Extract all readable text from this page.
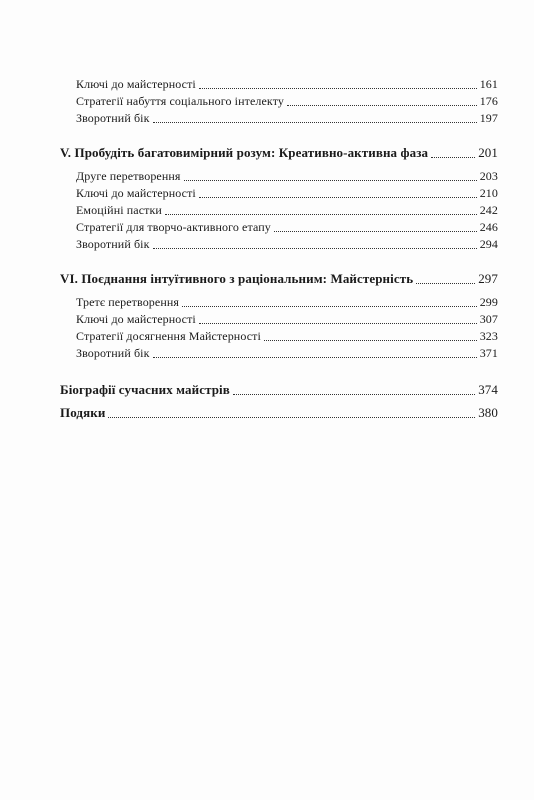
Ключі до майстерності	161
Стратегії набуття соціального інтелекту	176
Зворотний бік	197
V. Пробудіть багатовимірний розум: Креативно-активна фаза	201
Друге перетворення	203
Ключі до майстерності	210
Емоційні пастки	242
Стратегії для творчо-активного етапу	246
Зворотний бік	294
VI. Поєднання інтуїтивного з раціональним: Майстерність	297
Третє перетворення	299
Ключі до майстерності	307
Стратегії досягнення Майстерності	323
Зворотний бік	371
Біографії сучасних майстрів	374
Подяки	380
